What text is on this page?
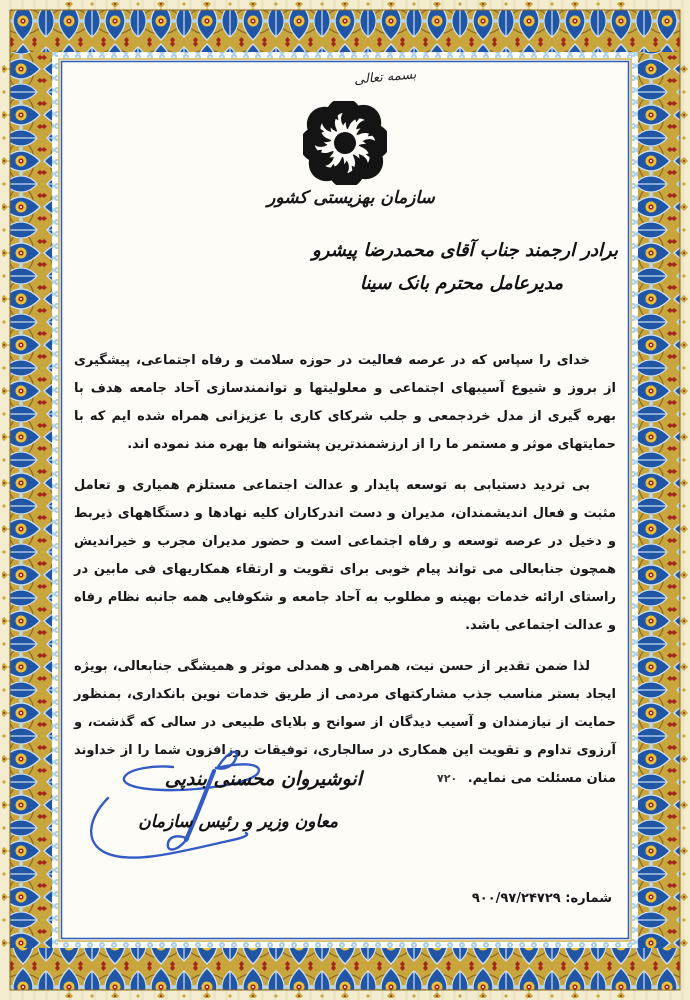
بسمه تعالی
سازمان بهزیستی کشور
برادر ارجمند جناب آقای محمدرضا پیشرو
مدیرعامل محترم بانک سینا

خدای را سپاس که در عرصه فعالیت در حوزه سلامت و رفاه اجتماعی، پیشگیری از بروز و شیوع آسیبهای اجتماعی و معلولیتها و توانمندسازی آحاد جامعه هدف با بهره گیری از مدل خردجمعی و جلب شرکای کاری با عزیزانی همراه شده ایم که با حمایتهای موثر و مستمر ما را از ارزشمندترین پشتوانه ها بهره مند نموده اند.

بی تردید دستیابی به توسعه پایدار و عدالت اجتماعی مستلزم همیاری و تعامل مثبت و فعال اندیشمندان، مدیران و دست اندرکاران کلیه نهادها و دستگاههای ذیربط و دخیل در عرصه توسعه و رفاه اجتماعی است و حضور مدیران مجرب و خیراندیش همچون جنابعالی می تواند پیام خوبی برای تقویت و ارتقاء همکاریهای فی مابین در راستای ارائه خدمات بهینه و مطلوب به آحاد جامعه و شکوفایی همه جانبه نظام رفاه و عدالت اجتماعی باشد.

لذا ضمن تقدیر از حسن نیت، همراهی و همدلی موثر و همیشگی جنابعالی، بویژه ایجاد بستر مناسب جذب مشارکتهای مردمی از طریق خدمات نوین بانکداری، بمنظور حمایت از نیازمندان و آسیب دیدگان از سوانح و بلایای طبیعی در سالی که گذشت، و آرزوی تداوم و تقویت این همکاری در سالجاری، توفیقات روزافزون شما را از خداوند منان مسئلت می نمایم. ۷۲۰

انوشیروان محسنی بندپی
معاون وزیر و رئیس سازمان
شماره: ۹۰۰/۹۷/۲۴۷۲۹
